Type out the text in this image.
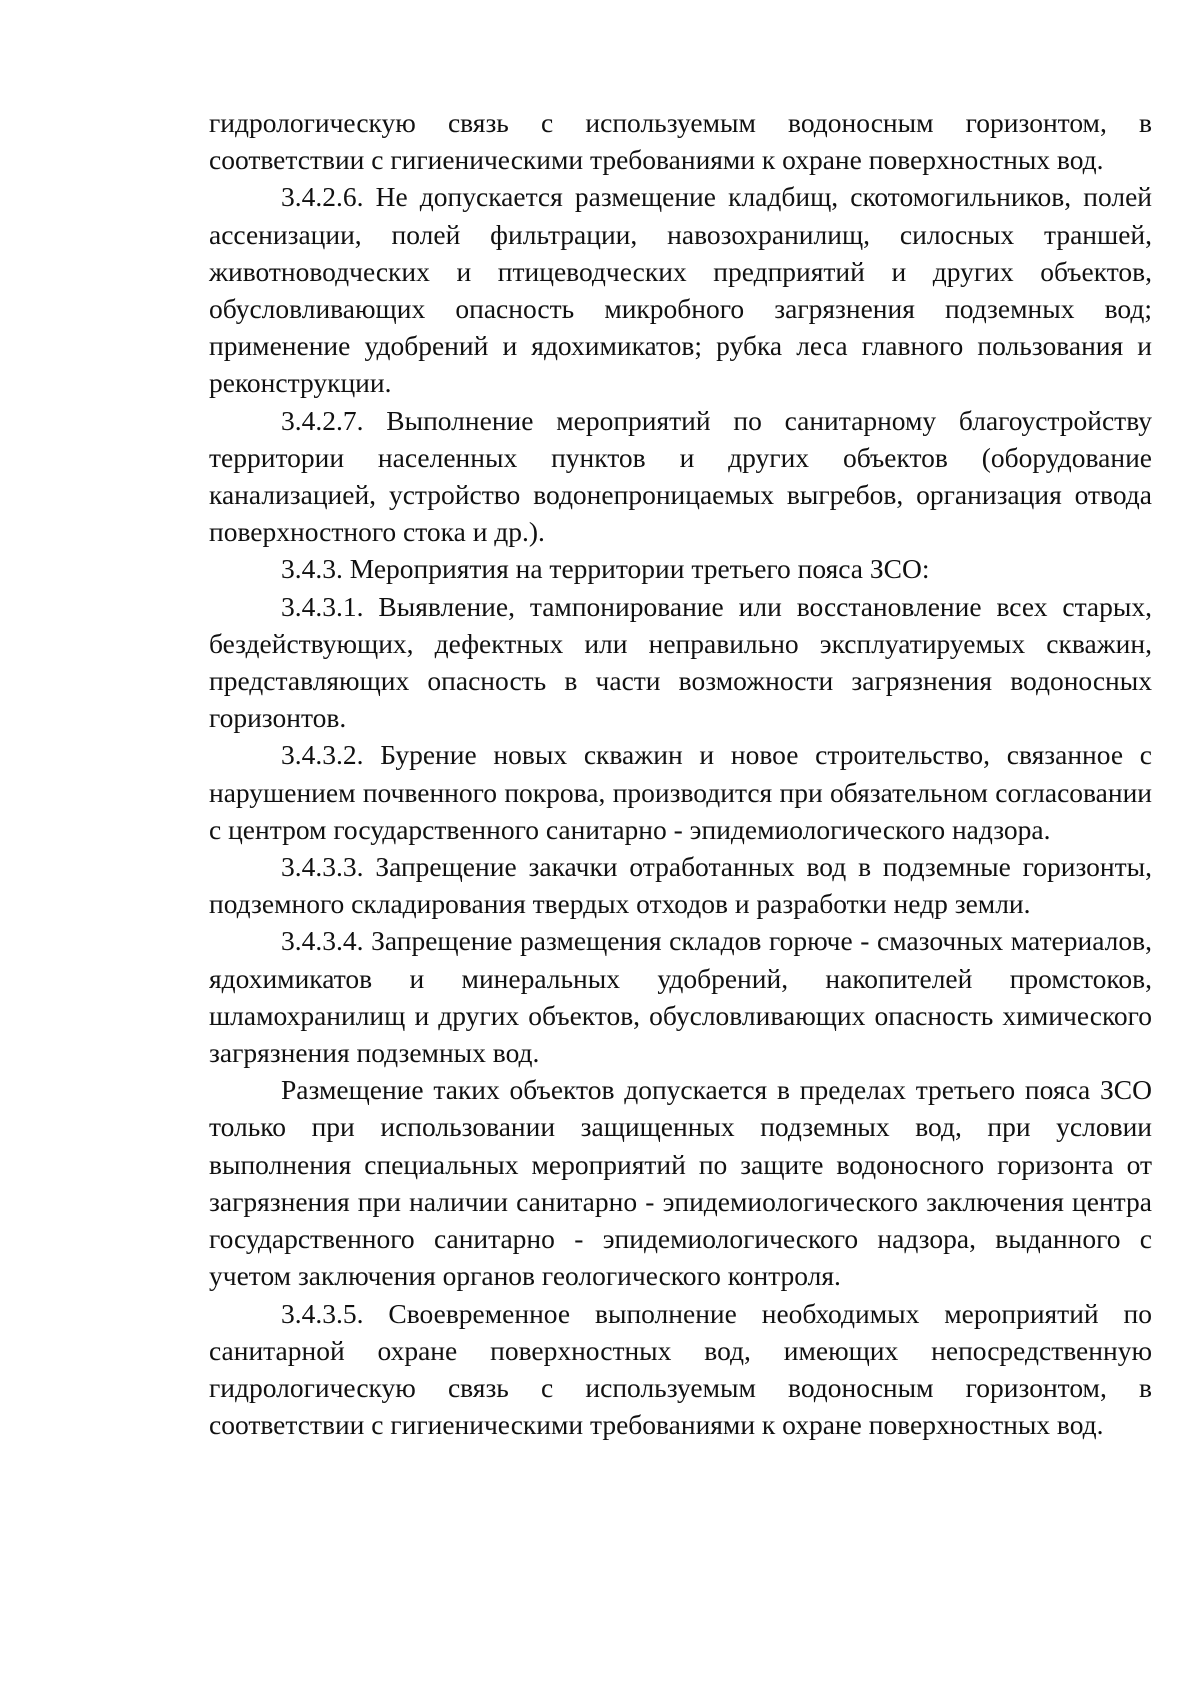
гидрологическую связь с используемым водоносным горизонтом, в соответствии с гигиеническими требованиями к охране поверхностных вод.

3.4.2.6. Не допускается размещение кладбищ, скотомогильников, полей ассенизации, полей фильтрации, навозохранилищ, силосных траншей, животноводческих и птицеводческих предприятий и других объектов, обусловливающих опасность микробного загрязнения подземных вод; применение удобрений и ядохимикатов; рубка леса главного пользования и реконструкции.

3.4.2.7. Выполнение мероприятий по санитарному благоустройству территории населенных пунктов и других объектов (оборудование канализацией, устройство водонепроницаемых выгребов, организация отвода поверхностного стока и др.).

3.4.3. Мероприятия на территории третьего пояса ЗСО:

3.4.3.1. Выявление, тампонирование или восстановление всех старых, бездействующих, дефектных или неправильно эксплуатируемых скважин, представляющих опасность в части возможности загрязнения водоносных горизонтов.

3.4.3.2. Бурение новых скважин и новое строительство, связанное с нарушением почвенного покрова, производится при обязательном согласовании с центром государственного санитарно - эпидемиологического надзора.

3.4.3.3. Запрещение закачки отработанных вод в подземные горизонты, подземного складирования твердых отходов и разработки недр земли.

3.4.3.4. Запрещение размещения складов горюче - смазочных материалов, ядохимикатов и минеральных удобрений, накопителей промстоков, шламохранилищ и других объектов, обусловливающих опасность химического загрязнения подземных вод.

Размещение таких объектов допускается в пределах третьего пояса ЗСО только при использовании защищенных подземных вод, при условии выполнения специальных мероприятий по защите водоносного горизонта от загрязнения при наличии санитарно - эпидемиологического заключения центра государственного санитарно - эпидемиологического надзора, выданного с учетом заключения органов геологического контроля.

3.4.3.5. Своевременное выполнение необходимых мероприятий по санитарной охране поверхностных вод, имеющих непосредственную гидрологическую связь с используемым водоносным горизонтом, в соответствии с гигиеническими требованиями к охране поверхностных вод.
